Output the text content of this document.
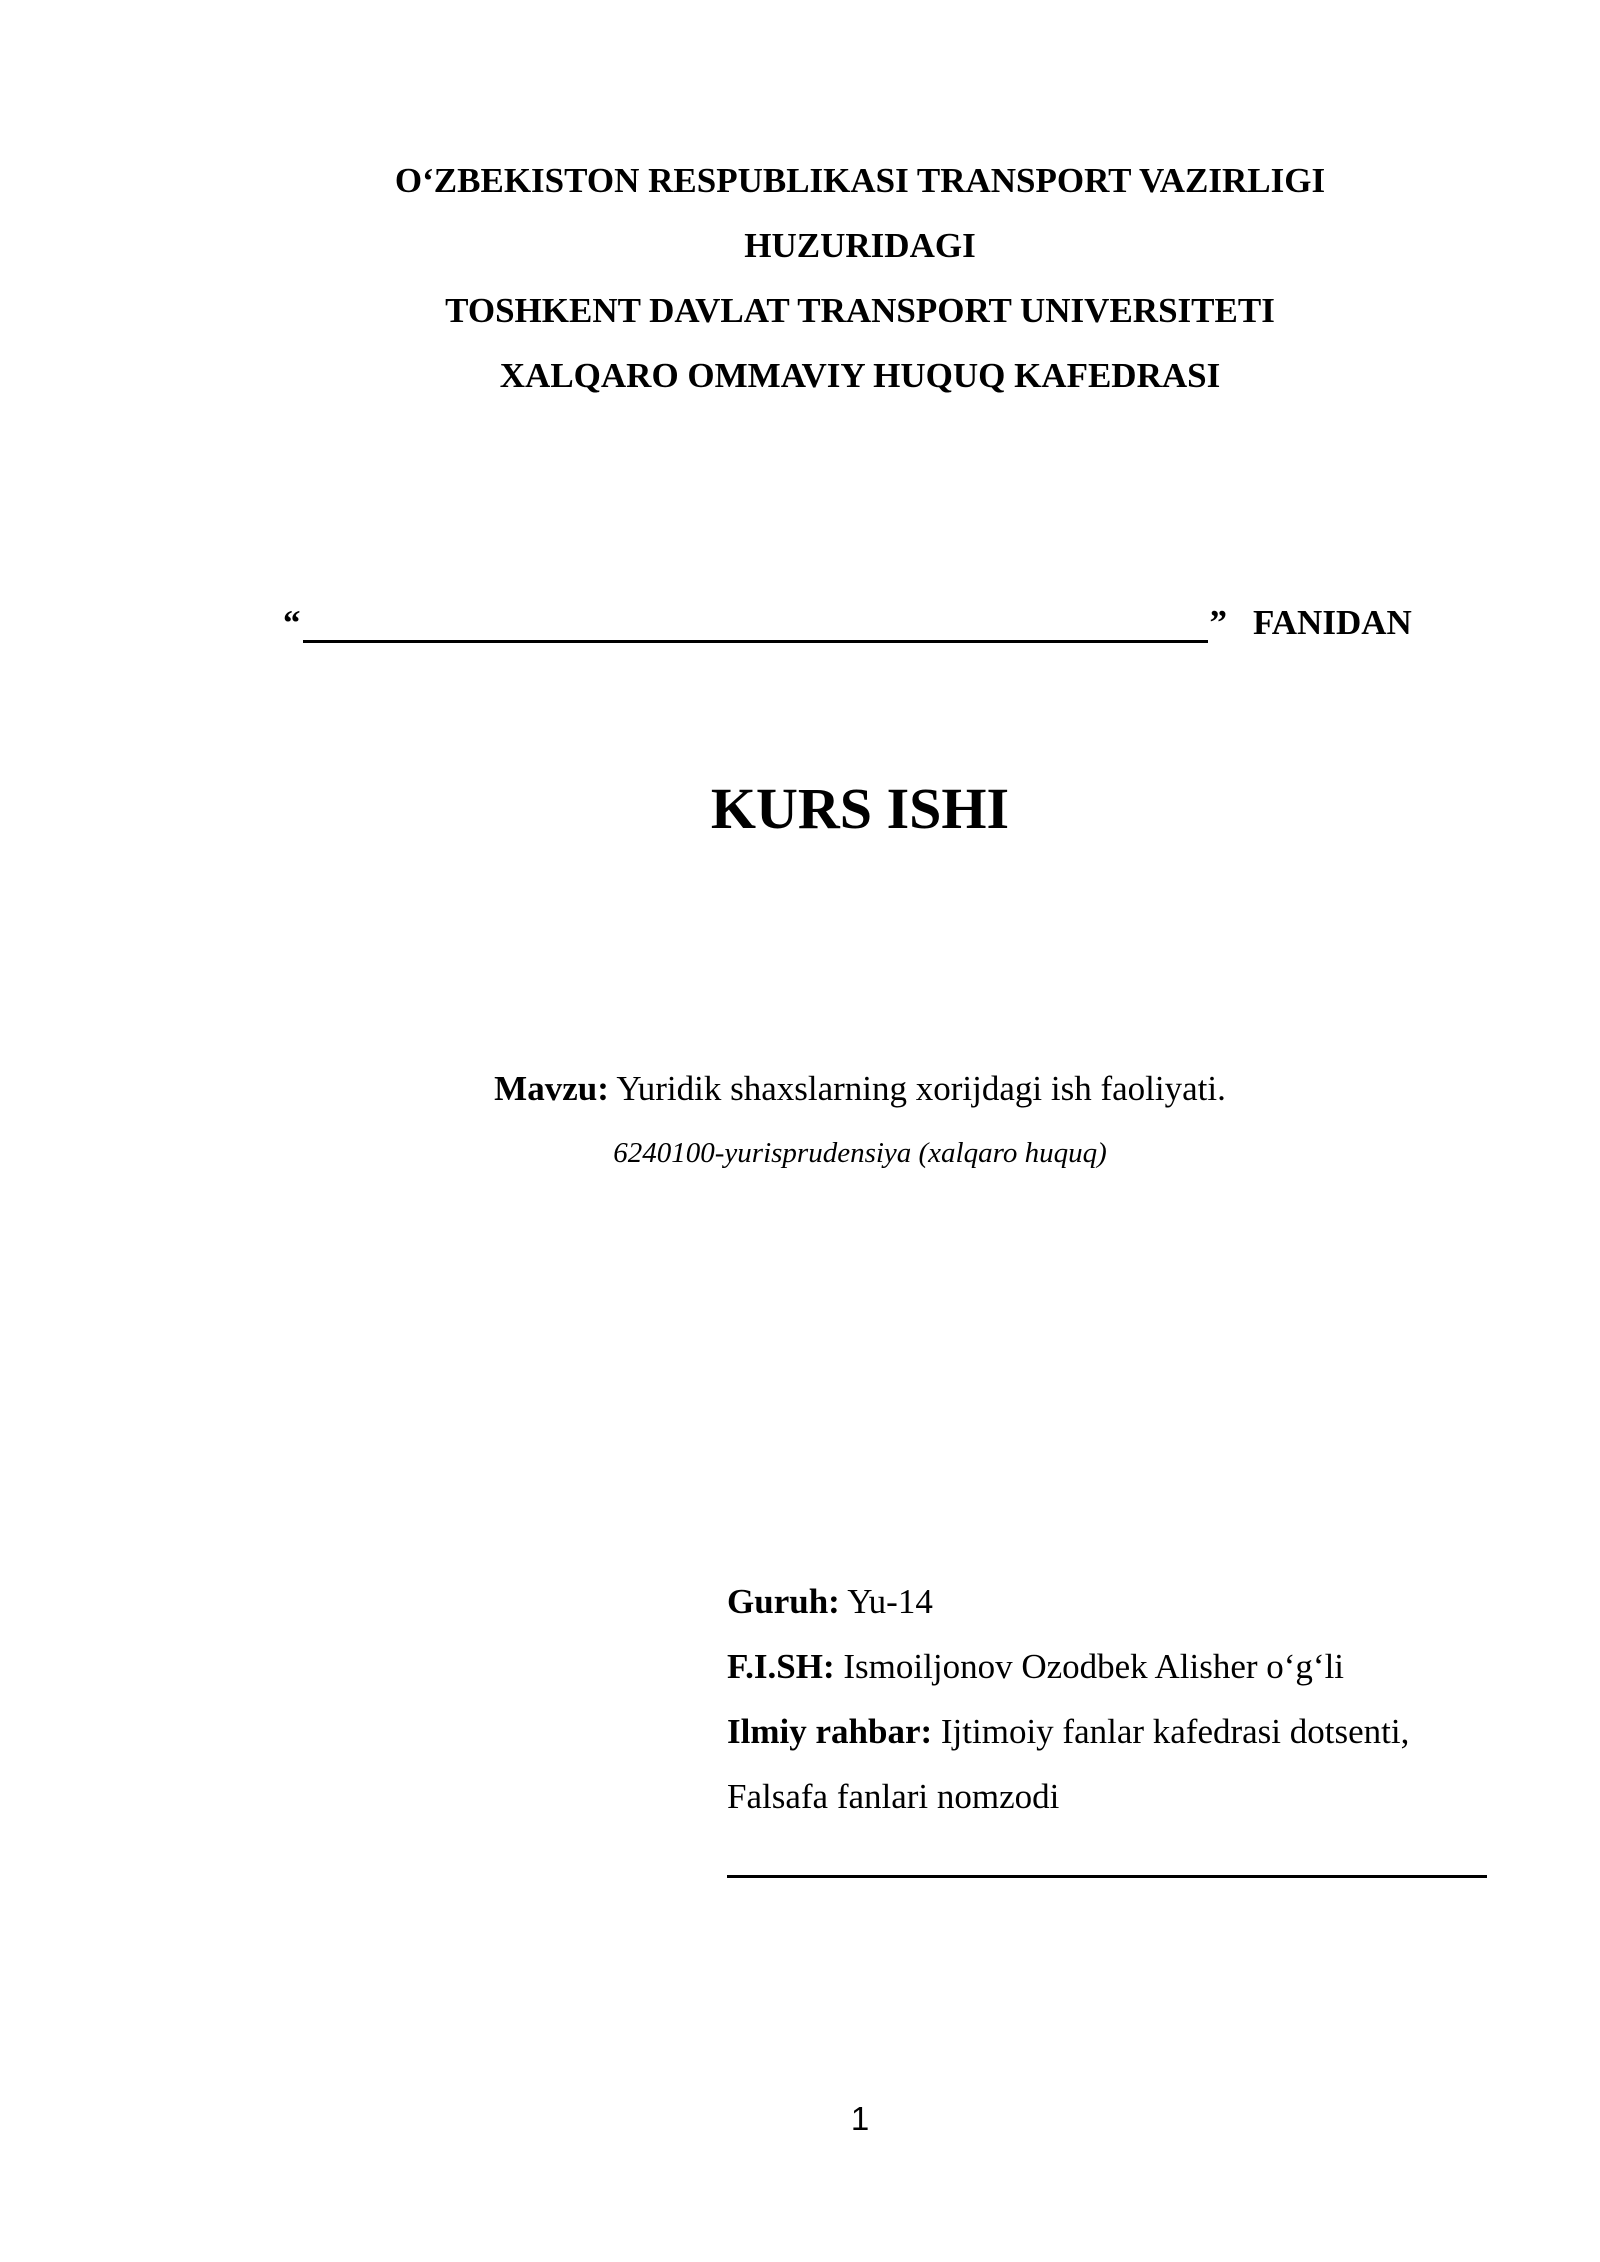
O‘ZBEKISTON RESPUBLIKASI TRANSPORT VAZIRLIGI
HUZURIDAGI
TOSHKENT DAVLAT TRANSPORT UNIVERSITETI
XALQARO OMMAVIY HUQUQ KAFEDRASI
“	” FANIDAN
KURS ISHI
Mavzu: Yuridik shaxslarning xorijdagi ish faoliyati.
6240100-yurisprudensiya (xalqaro huquq)
Guruh: Yu-14
F.I.SH: Ismoiljonov Ozodbek Alisher o‘g‘li
Ilmiy rahbar: Ijtimoiy fanlar kafedrasi dotsenti,
Falsafa fanlari nomzodi
1
